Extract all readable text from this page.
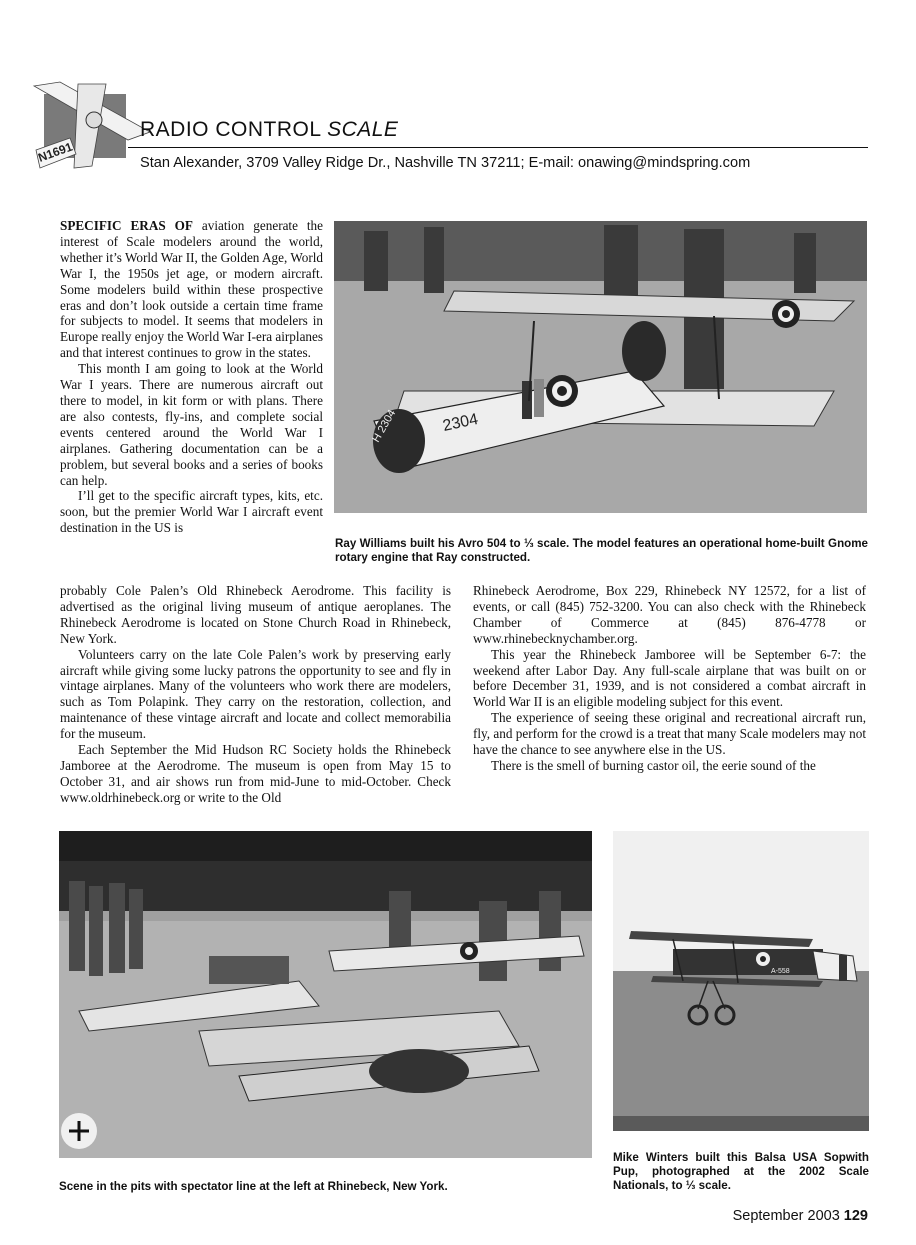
N1691
RADIO CONTROL SCALE
Stan Alexander, 3709 Valley Ridge Dr., Nashville TN 37211; E-mail: onawing@mindspring.com

SPECIFIC ERAS OF aviation generate the interest of Scale modelers around the world, whether it’s World War II, the Golden Age, World War I, the 1950s jet age, or modern aircraft. Some modelers build within these prospective eras and don’t look outside a certain time frame for subjects to model. It seems that modelers in Europe really enjoy the World War I-era airplanes and that interest continues to grow in the states.

This month I am going to look at the World War I years. There are numerous aircraft out there to model, in kit form or with plans. There are also contests, fly-ins, and complete social events centered around the World War I airplanes. Gathering documentation can be a problem, but several books and a series of books can help.

I’ll get to the specific aircraft types, kits, etc. soon, but the premier World War I aircraft event destination in the US is

probably Cole Palen’s Old Rhinebeck Aerodrome. This facility is advertised as the original living museum of antique aeroplanes. The Rhinebeck Aerodrome is located on Stone Church Road in Rhinebeck, New York.

Volunteers carry on the late Cole Palen’s work by preserving early aircraft while giving some lucky patrons the opportunity to see and fly in vintage airplanes. Many of the volunteers who work there are modelers, such as Tom Polapink. They carry on the restoration, collection, and maintenance of these vintage aircraft and locate and collect memorabilia for the museum.

Each September the Mid Hudson RC Society holds the Rhinebeck Jamboree at the Aerodrome. The museum is open from May 15 to October 31, and air shows run from mid-June to mid-October. Check www.oldrhinebeck.org or write to the Old

Rhinebeck Aerodrome, Box 229, Rhinebeck NY 12572, for a list of events, or call (845) 752-3200. You can also check with the Rhinebeck Chamber of Commerce at (845) 876-4778 or www.rhinebecknychamber.org.

This year the Rhinebeck Jamboree will be September 6-7: the weekend after Labor Day. Any full-scale airplane that was built on or before December 31, 1939, and is not considered a combat aircraft in World War II is an eligible modeling subject for this event.

The experience of seeing these original and recreational aircraft run, fly, and perform for the crowd is a treat that many Scale modelers may not have the chance to see anywhere else in the US.

There is the smell of burning castor oil, the eerie sound of the

2304
H 2304
Ray Williams built his Avro 504 to ⅓ scale. The model features an operational home-built Gnome rotary engine that Ray constructed.
Scene in the pits with spectator line at the left at Rhinebeck, New York.
A-558
Mike Winters built this Balsa USA Sopwith Pup, photographed at the 2002 Scale Nationals, to ⅓ scale.
September 2003 129
